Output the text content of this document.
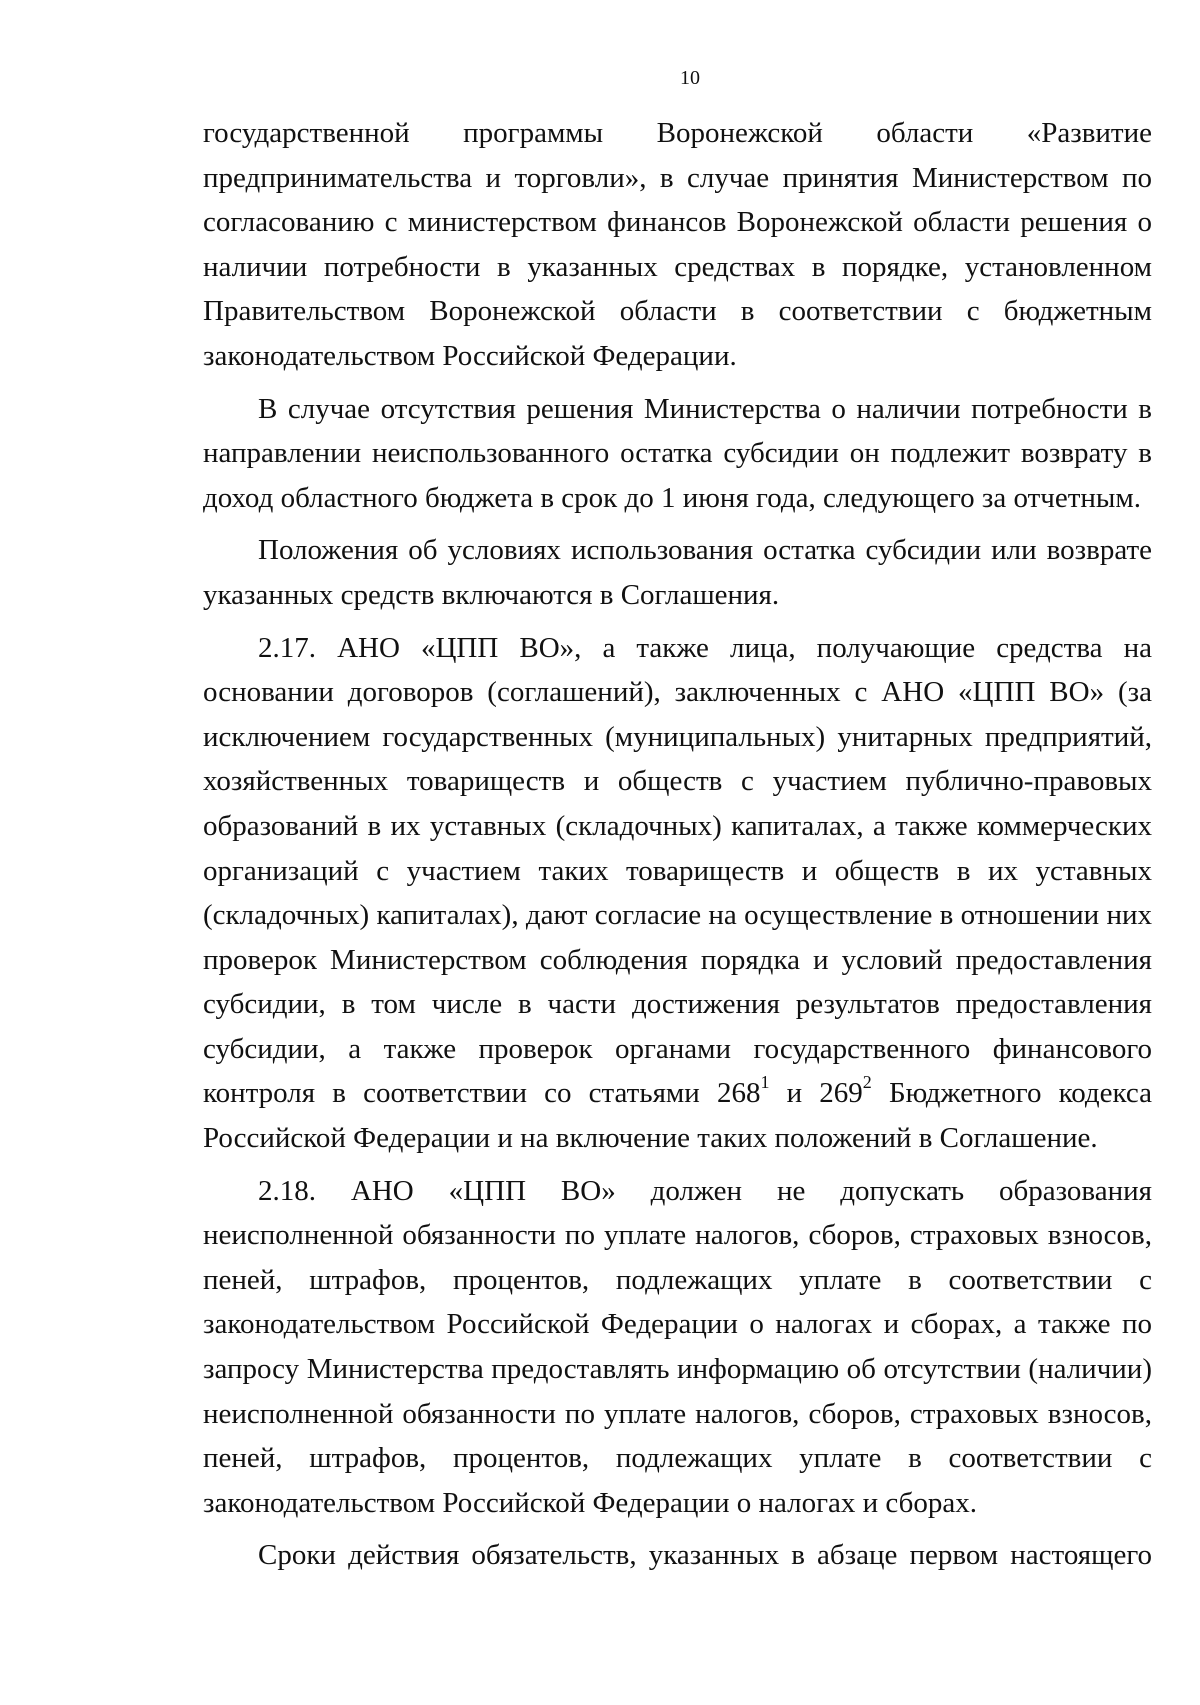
10

государственной программы Воронежской области «Развитие предпринимательства и торговли», в случае принятия Министерством по согласованию с министерством финансов Воронежской области решения о наличии потребности в указанных средствах в порядке, установленном Правительством Воронежской области в соответствии с бюджетным законодательством Российской Федерации.

В случае отсутствия решения Министерства о наличии потребности в направлении неиспользованного остатка субсидии он подлежит возврату в доход областного бюджета в срок до 1 июня года, следующего за отчетным.

Положения об условиях использования остатка субсидии или возврате указанных средств включаются в Соглашения.

2.17. АНО «ЦПП ВО», а также лица, получающие средства на основании договоров (соглашений), заключенных с АНО «ЦПП ВО» (за исключением государственных (муниципальных) унитарных предприятий, хозяйственных товариществ и обществ с участием публично-правовых образований в их уставных (складочных) капиталах, а также коммерческих организаций с участием таких товариществ и обществ в их уставных (складочных) капиталах), дают согласие на осуществление в отношении них проверок Министерством соблюдения порядка и условий предоставления субсидии, в том числе в части достижения результатов предоставления субсидии, а также проверок органами государственного финансового контроля в соответствии со статьями $268^1$ и $269^2$ Бюджетного кодекса Российской Федерации и на включение таких положений в Соглашение.

2.18. АНО «ЦПП ВО» должен не допускать образования неисполненной обязанности по уплате налогов, сборов, страховых взносов, пеней, штрафов, процентов, подлежащих уплате в соответствии с законодательством Российской Федерации о налогах и сборах, а также по запросу Министерства предоставлять информацию об отсутствии (наличии) неисполненной обязанности по уплате налогов, сборов, страховых взносов, пеней, штрафов, процентов, подлежащих уплате в соответствии с законодательством Российской Федерации о налогах и сборах.

Сроки действия обязательств, указанных в абзаце первом настоящего
